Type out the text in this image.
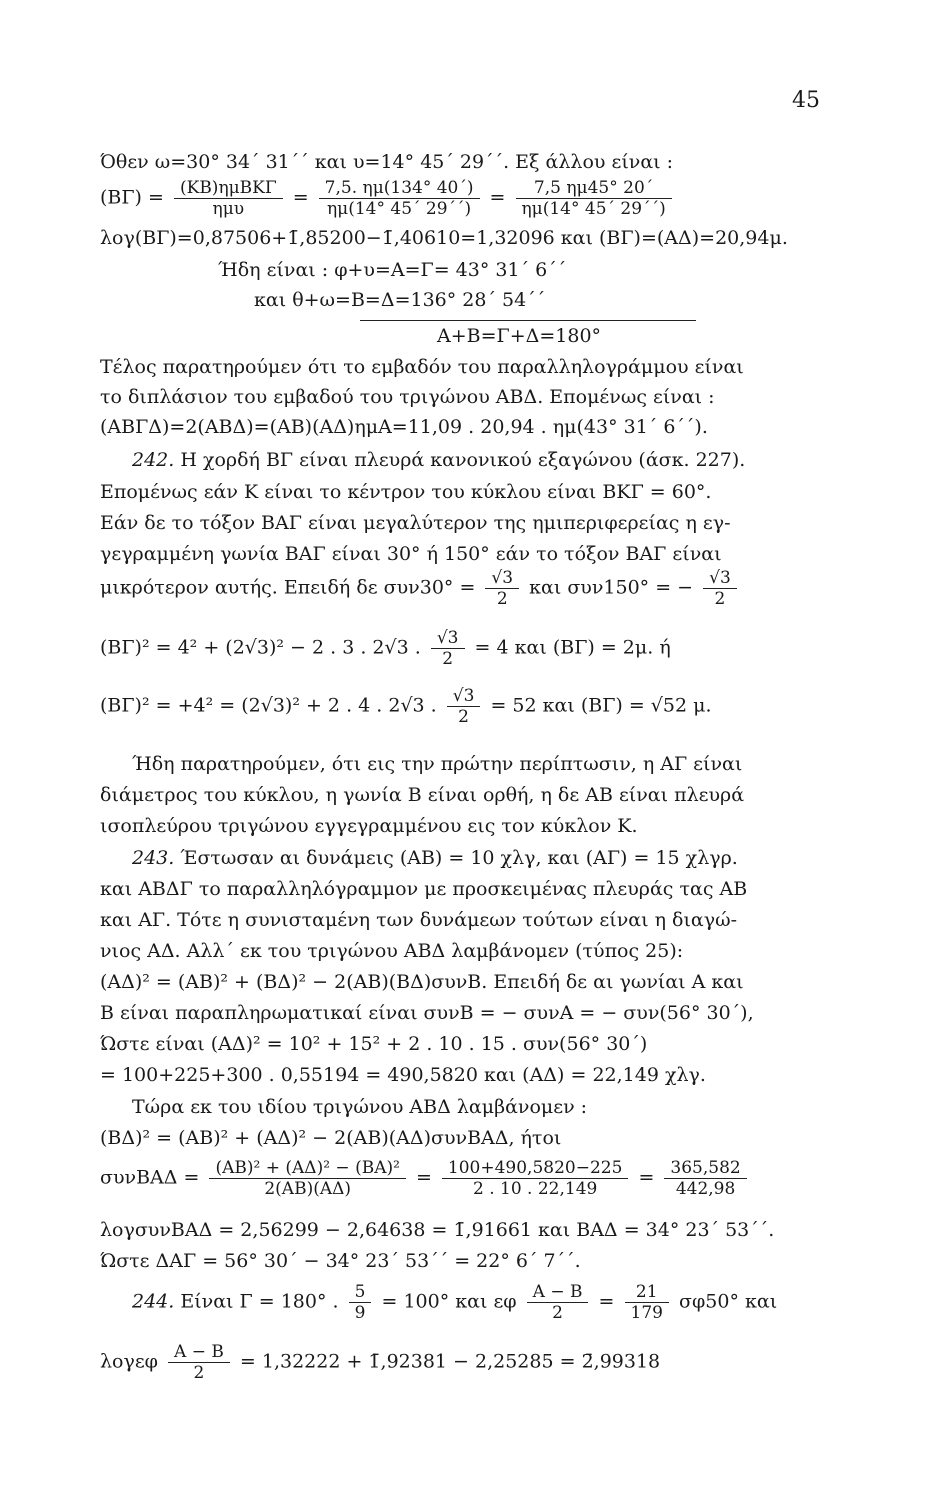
45
Όθεν ω=30° 34΄ 31΄΄ και υ=14° 45΄ 29΄΄. Εξ άλλου είναι :
$(B\Gamma) = \frac{\text{(ΚΒ)ημΒΚΓ}}{\text{ημυ}} = \frac{7,5. \eta\mu(134^\circ 40΄)}{\eta\mu(14^\circ 45΄ 29΄΄)} = \frac{7,5 \eta\mu 45^\circ 20΄}{\eta\mu(14^\circ 45΄ 29΄΄)}$
λογ(ΒΓ)=0,87506+1̄,85200−1̄,40610=1,32096 και (ΒΓ)=(ΑΔ)=20,94μ.
Ήδη είναι : φ+υ=Α=Γ= 43° 31΄ 6΄΄
και θ+ω=Β=Δ=136° 28΄ 54΄΄
Α+Β=Γ+Δ=180°
Τέλος παρατηρούμεν ότι το εμβαδόν του παραλληλογράμμου είναι
το διπλάσιον του εμβαδού του τριγώνου ΑΒΔ. Επομένως είναι :
(ΑΒΓΔ)=2(ΑΒΔ)=(ΑΒ)(ΑΔ)ημΑ=11,09 . 20,94 . ημ(43° 31΄ 6΄΄).
242. Η χορδή ΒΓ είναι πλευρά κανονικού εξαγώνου (άσκ. 227).
Επομένως εάν Κ είναι το κέντρον του κύκλου είναι ΒΚΓ = 60°.
Εάν δε το τόξον ΒΑΓ είναι μεγαλύτερον της ημιπεριφερείας η εγ-
γεγραμμένη γωνία ΒΑΓ είναι 30° ή 150° εάν το τόξον ΒΑΓ είναι
μικρότερον αυτής. Επειδή δε $\sigma\upsilon\nu 30^\circ = \frac{√3}{2}$ και συν150° = − $\frac{√3}{2}$
(ΒΓ)² = 4² + (2√3)² − 2 . 3 . 2√3 . $\frac{√3}{2} = 4$ και (ΒΓ) = 2μ. ή
(ΒΓ)² = +4² = (2√3)² + 2 . 4 . 2√3 . $\frac{√3}{2} = 52$ και (ΒΓ) = √52 μ.
Ήδη παρατηρούμεν, ότι εις την πρώτην περίπτωσιν, η ΑΓ είναι
διάμετρος του κύκλου, η γωνία Β είναι ορθή, η δε ΑΒ είναι πλευρά
ισοπλεύρου τριγώνου εγγεγραμμένου εις τον κύκλον Κ.
243. Έστωσαν αι δυνάμεις (ΑΒ) = 10 χλγ, και (ΑΓ) = 15 χλγρ.
και ΑΒΔΓ το παραλληλόγραμμον με προσκειμένας πλευράς τας ΑΒ
και ΑΓ. Τότε η συνισταμένη των δυνάμεων τούτων είναι η διαγώ-
νιος ΑΔ. Αλλ΄ εκ του τριγώνου ΑΒΔ λαμβάνομεν (τύπος 25):
(ΑΔ)² = (ΑΒ)² + (ΒΔ)² − 2(ΑΒ)(ΒΔ)συνΒ. Επειδή δε αι γωνίαι Α και
Β είναι παραπληρωματικαί είναι συνΒ = − συνΑ = − συν(56° 30΄),
Ώστε είναι (ΑΔ)² = 10² + 15² + 2 . 10 . 15 . συν(56° 30΄)
= 100+225+300 . 0,55194 = 490,5820 και (ΑΔ) = 22,149 χλγ.
Τώρα εκ του ιδίου τριγώνου ΑΒΔ λαμβάνομεν :
(ΒΔ)² = (ΑΒ)² + (ΑΔ)² − 2(ΑΒ)(ΑΔ)συνΒΑΔ, ήτοι
$\sigma\upsilon\nu BA\Delta = \frac{\text{(ΑΒ)² + (ΑΔ)² − (ΒΑ)²}}{2(AB)(A\Delta)} = \frac{100+490,5820-225}{2 . 10 . 22,149} = \frac{365,582}{442,98}$
λογσυνΒΑΔ = 2,56299 − 2,64638 = 1̄,91661 και ΒΑΔ = 34° 23΄ 53΄΄.
Ώστε ΔΑΓ = 56° 30΄ − 34° 23΄ 53΄΄ = 22° 6΄ 7΄΄.
244. Είναι Γ = 180° . $\frac{5}{9} = 100^\circ$ και εφ $\frac{A - B}{2} = \frac{21}{179} \sigma\varphi 50^\circ$ και
λογεφ $\frac{A - B}{2} = 1,32222$ + 1̄,92381 − 2,25285 = 2̄,99318
